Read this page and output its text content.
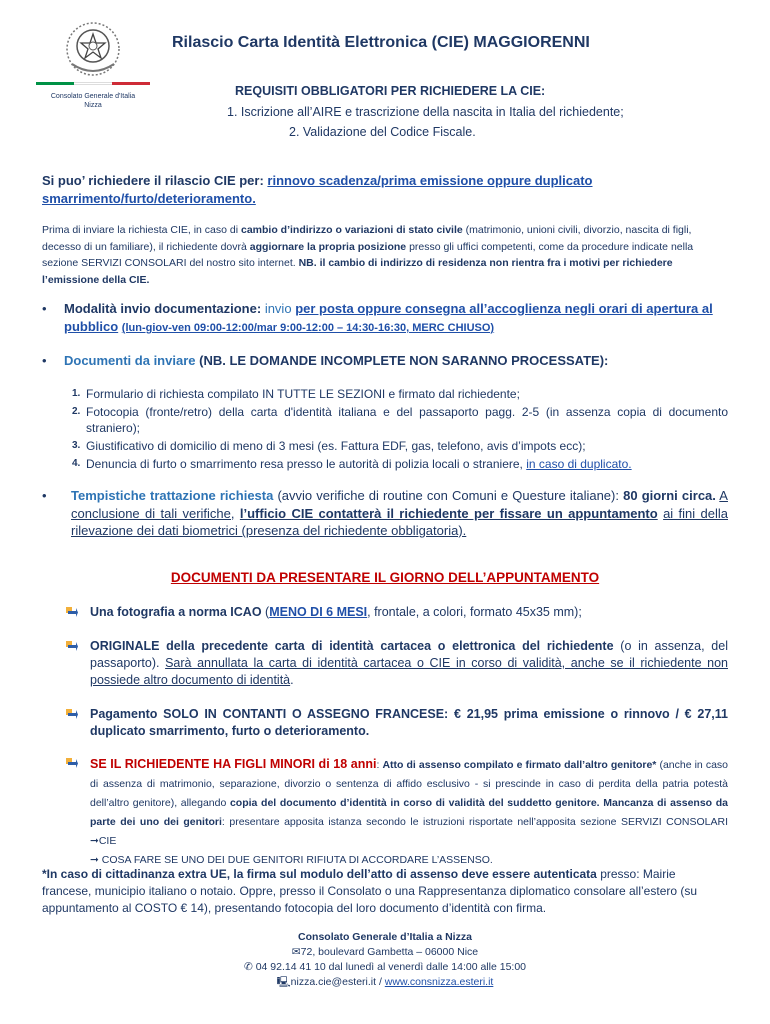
Consolato Generale d'Italia
Nizza
Rilascio Carta Identità Elettronica (CIE) MAGGIORENNI
REQUISITI OBBLIGATORI PER RICHIEDERE LA CIE:
1. Iscrizione all’AIRE e trascrizione della nascita in Italia del richiedente;
2. Validazione del Codice Fiscale.
Si puo’ richiedere il rilascio CIE per: rinnovo scadenza/prima emissione oppure duplicato smarrimento/furto/deterioramento.
Prima di inviare la richiesta CIE, in caso di cambio d’indirizzo o variazioni di stato civile (matrimonio, unioni civili, divorzio, nascita di figli, decesso di un familiare), il richiedente dovrà aggiornare la propria posizione presso gli uffici competenti, come da procedure indicate nella sezione SERVIZI CONSOLARI del nostro sito internet. NB. il cambio di indirizzo di residenza non rientra fra i motivi per richiedere l’emissione della CIE.
• Modalità invio documentazione: invio per posta oppure consegna all’accoglienza negli orari di apertura al pubblico (lun-giov-ven 09:00-12:00/mar 9:00-12:00 – 14:30-16:30, MERC CHIUSO)
• Documenti da inviare (NB. LE DOMANDE INCOMPLETE NON SARANNO PROCESSATE):
1. Formulario di richiesta compilato IN TUTTE LE SEZIONI e firmato dal richiedente;
2. Fotocopia (fronte/retro) della carta d'identità italiana e del passaporto pagg. 2-5 (in assenza copia di documento straniero);
3. Giustificativo di domicilio di meno di 3 mesi (es. Fattura EDF, gas, telefono, avis d’impots ecc);
4. Denuncia di furto o smarrimento resa presso le autorità di polizia locali o straniere, in caso di duplicato.
• Tempistiche trattazione richiesta (avvio verifiche di routine con Comuni e Questure italiane): 80 giorni circa. A conclusione di tali verifiche, l’ufficio CIE contatterà il richiedente per fissare un appuntamento ai fini della rilevazione dei dati biometrici (presenza del richiedente obbligatoria).
DOCUMENTI DA PRESENTARE IL GIORNO DELL’APPUNTAMENTO
Una fotografia a norma ICAO (MENO DI 6 MESI, frontale, a colori, formato 45x35 mm);
ORIGINALE della precedente carta di identità cartacea o elettronica del richiedente (o in assenza, del passaporto). Sarà annullata la carta di identità cartacea o CIE in corso di validità, anche se il richiedente non possiede altro documento di identità.
Pagamento SOLO IN CONTANTI O ASSEGNO FRANCESE: € 21,95 prima emissione o rinnovo / € 27,11 duplicato smarrimento, furto o deterioramento.
SE IL RICHIEDENTE HA FIGLI MINORI di 18 anni: Atto di assenso compilato e firmato dall’altro genitore* (anche in caso di assenza di matrimonio, separazione, divorzio o sentenza di affido esclusivo - si prescinde in caso di perdita della patria potestà dell’altro genitore), allegando copia del documento d’identità in corso di validità del suddetto genitore. Mancanza di assenso da parte dei uno dei genitori: presentare apposita istanza secondo le istruzioni risportate nell’apposita sezione SERVIZI CONSOLARI ➞CIE
➞ COSA FARE SE UNO DEI DUE GENITORI RIFIUTA DI ACCORDARE L’ASSENSO.
*In caso di cittadinanza extra UE, la firma sul modulo dell’atto di assenso deve essere autenticata presso: Mairie francese, municipio italiano o notaio. Oppre, presso il Consolato o una Rappresentanza diplomatico consolare all’estero (su appuntamento al COSTO € 14), presentando fotocopia del loro documento d’identità con firma.
Consolato Generale d’Italia a Nizza
✉72, boulevard Gambetta – 06000 Nice
✆ 04 92.14 41 10 dal lunedì al venerdì dalle 14:00 alle 15:00
🖳nizza.cie@esteri.it / www.consnizza.esteri.it
